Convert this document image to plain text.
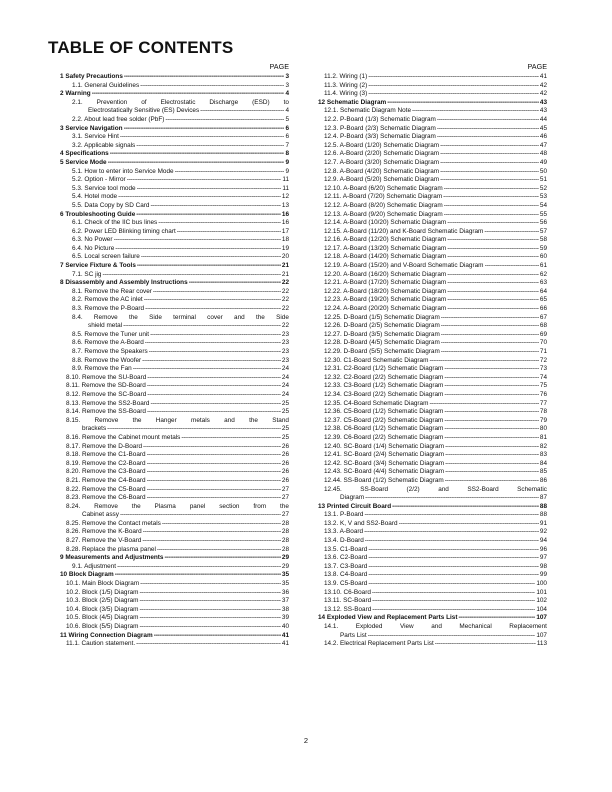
TABLE OF CONTENTS
PAGE
1 Safety Precautions -----	3
1.1. General Guidelines -----	3
2 Warning -----	4
2.1. Prevention of Electrostatic Discharge (ESD) to
Electrostatically Sensitive (ES) Devices -----	4
2.2. About lead free solder (PbF) -----	5
3 Service Navigation -----	6
3.1. Service Hint -----	6
3.2. Applicable signals -----	7
4 Specifications -----	8
5 Service Mode -----	9
5.1. How to enter into Service Mode -----	9
5.2. Option - Mirror -----	11
5.3. Service tool mode -----	11
5.4. Hotel mode -----	12
5.5. Data Copy by SD Card -----	13
6 Troubleshooting Guide -----	16
6.1. Check of the IIC bus lines -----	16
6.2. Power LED Blinking timing chart -----	17
6.3. No Power -----	18
6.4. No Picture -----	19
6.5. Local screen failure -----	20
7 Service Fixture & Tools -----	21
7.1. SC jig -----	21
8 Disassembly and Assembly Instructions -----	22
8.1. Remove the Rear cover -----	22
8.2. Remove the AC inlet -----	22
8.3. Remove the P-Board -----	22
8.4. Remove the Side terminal cover and the Side
shield metal -----	22
8.5. Remove the Tuner unit -----	23
8.6. Remove the A-Board -----	23
8.7. Remove the Speakers -----	23
8.8. Remove the Woofer -----	23
8.9. Remove the Fan -----	24
8.10. Remove the SU-Board -----	24
8.11. Remove the SD-Board -----	24
8.12. Remove the SC-Board -----	24
8.13. Remove the SS2-Board -----	25
8.14. Remove the SS-Board -----	25
8.15. Remove the Hanger metals and the Stand
brackets -----	25
8.16. Remove the Cabinet mount metals -----	25
8.17. Remove the D-Board -----	26
8.18. Remove the C1-Board -----	26
8.19. Remove the C2-Board -----	26
8.20. Remove the C3-Board -----	26
8.21. Remove the C4-Board -----	26
8.22. Remove the C5-Board -----	27
8.23. Remove the C6-Board -----	27
8.24. Remove the Plasma panel section from the
Cabinet assy -----	27
8.25. Remove the Contact metals -----	28
8.26. Remove the K-Board -----	28
8.27. Remove the V-Board -----	28
8.28. Replace the plasma panel -----	28
9 Measurements and Adjustments -----	29
9.1. Adjustment -----	29
10 Block Diagram -----	35
10.1. Main Block Diagram -----	35
10.2. Block (1/5) Diagram -----	36
10.3. Block (2/5) Diagram -----	37
10.4. Block (3/5) Diagram -----	38
10.5. Block (4/5) Diagram -----	39
10.6. Block (5/5) Diagram -----	40
11 Wiring Connection Diagram -----	41
11.1. Caution statement. -----	41
PAGE
11.2. Wiring (1) -----	41
11.3. Wiring (2) -----	42
11.4. Wiring (3) -----	42
12 Schematic Diagram -----	43
12.1. Schematic Diagram Note -----	43
12.2. P-Board (1/3) Schematic Diagram -----	44
12.3. P-Board (2/3) Schematic Diagram -----	45
12.4. P-Board (3/3) Schematic Diagram -----	46
12.5. A-Board (1/20) Schematic Diagram -----	47
12.6. A-Board (2/20) Schematic Diagram -----	48
12.7. A-Board (3/20) Schematic Diagram -----	49
12.8. A-Board (4/20) Schematic Diagram -----	50
12.9. A-Board (5/20) Schematic Diagram -----	51
12.10. A-Board (6/20) Schematic Diagram -----	52
12.11. A-Board (7/20) Schematic Diagram -----	53
12.12. A-Board (8/20) Schematic Diagram -----	54
12.13. A-Board (9/20) Schematic Diagram -----	55
12.14. A-Board (10/20) Schematic Diagram -----	56
12.15. A-Board (11/20) and K-Board Schematic Diagram -----	57
12.16. A-Board (12/20) Schematic Diagram -----	58
12.17. A-Board (13/20) Schematic Diagram -----	59
12.18. A-Board (14/20) Schematic Diagram -----	60
12.19. A-Board (15/20) and V-Board Schematic Diagram -----	61
12.20. A-Board (16/20) Schematic Diagram -----	62
12.21. A-Board (17/20) Schematic Diagram -----	63
12.22. A-Board (18/20) Schematic Diagram -----	64
12.23. A-Board (19/20) Schematic Diagram -----	65
12.24. A-Board (20/20) Schematic Diagram -----	66
12.25. D-Board (1/5) Schematic Diagram -----	67
12.26. D-Board (2/5) Schematic Diagram -----	68
12.27. D-Board (3/5) Schematic Diagram -----	69
12.28. D-Board (4/5) Schematic Diagram -----	70
12.29. D-Board (5/5) Schematic Diagram -----	71
12.30. C1-Board Schematic Diagram -----	72
12.31. C2-Board (1/2) Schematic Diagram -----	73
12.32. C2-Board (2/2) Schematic Diagram -----	74
12.33. C3-Board (1/2) Schematic Diagram -----	75
12.34. C3-Board (2/2) Schematic Diagram -----	76
12.35. C4-Board Schematic Diagram -----	77
12.36. C5-Board (1/2) Schematic Diagram -----	78
12.37. C5-Board (2/2) Schematic Diagram -----	79
12.38. C6-Board (1/2) Schematic Diagram -----	80
12.39. C6-Board (2/2) Schematic Diagram -----	81
12.40. SC-Board (1/4) Schematic Diagram -----	82
12.41. SC-Board (2/4) Schematic Diagram -----	83
12.42. SC-Board (3/4) Schematic Diagram -----	84
12.43. SC-Board (4/4) Schematic Diagram -----	85
12.44. SS-Board (1/2) Schematic Diagram -----	86
12.45.	SS-Board	(2/2)	and	SS2-Board	Schematic
Diagram -----	87
13 Printed Circuit Board -----	88
13.1. P-Board -----	88
13.2. K, V and SS2-Board -----	91
13.3. A-Board -----	92
13.4. D-Board -----	94
13.5. C1-Board -----	96
13.6. C2-Board -----	97
13.7. C3-Board -----	98
13.8. C4-Board -----	99
13.9. C5-Board -----	100
13.10. C6-Board -----	101
13.11. SC-Board -----	102
13.12. SS-Board -----	104
14 Exploded View and Replacement Parts List -----	107
14.1.	Exploded	View	and	Mechanical	Replacement
Parts List -----	107
14.2. Electrical Replacement Parts List -----	113
2
